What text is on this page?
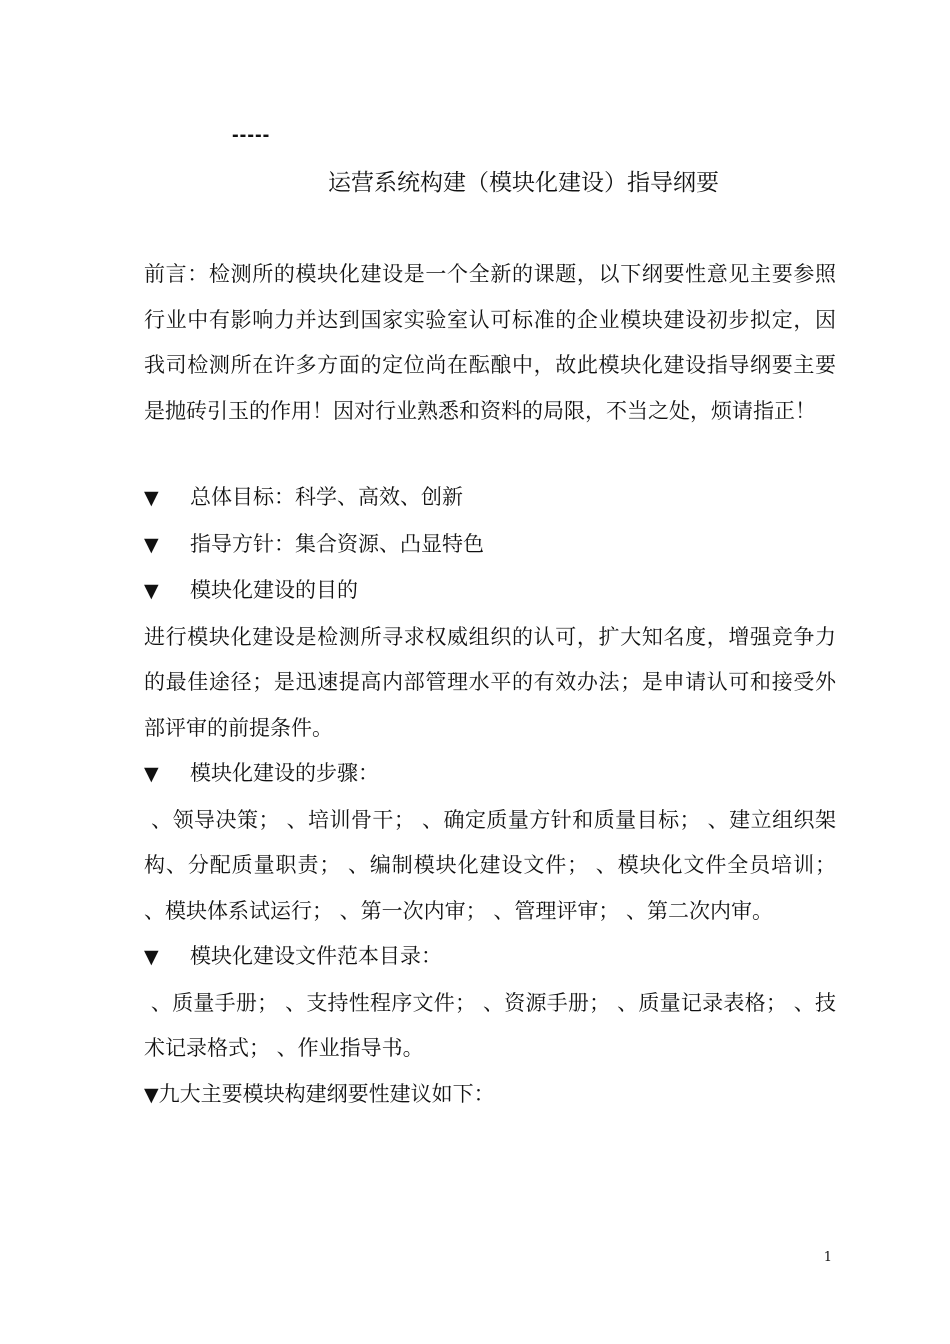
-----
运营系统构建（模块化建设）指导纲要

前言：检测所的模块化建设是一个全新的课题，以下纲要性意见主要参照行业中有影响力并达到国家实验室认可标准的企业模块建设初步拟定，因我司检测所在许多方面的定位尚在酝酿中，故此模块化建设指导纲要主要是抛砖引玉的作用！因对行业熟悉和资料的局限，不当之处，烦请指正！

▼ 总体目标：科学、高效、创新

▼ 指导方针：集合资源、凸显特色

▼ 模块化建设的目的

进行模块化建设是检测所寻求权威组织的认可，扩大知名度，增强竞争力的最佳途径；是迅速提高内部管理水平的有效办法；是申请认可和接受外部评审的前提条件。

▼ 模块化建设的步骤：

、领导决策； 、培训骨干； 、确定质量方针和质量目标； 、建立组织架构、分配质量职责； 、编制模块化建设文件； 、模块化文件全员培训； 、模块体系试运行； 、第一次内审； 、管理评审； 、第二次内审。

▼ 模块化建设文件范本目录：

、质量手册； 、支持性程序文件； 、资源手册； 、质量记录表格； 、技术记录格式； 、作业指导书。

▼九大主要模块构建纲要性建议如下：

1
